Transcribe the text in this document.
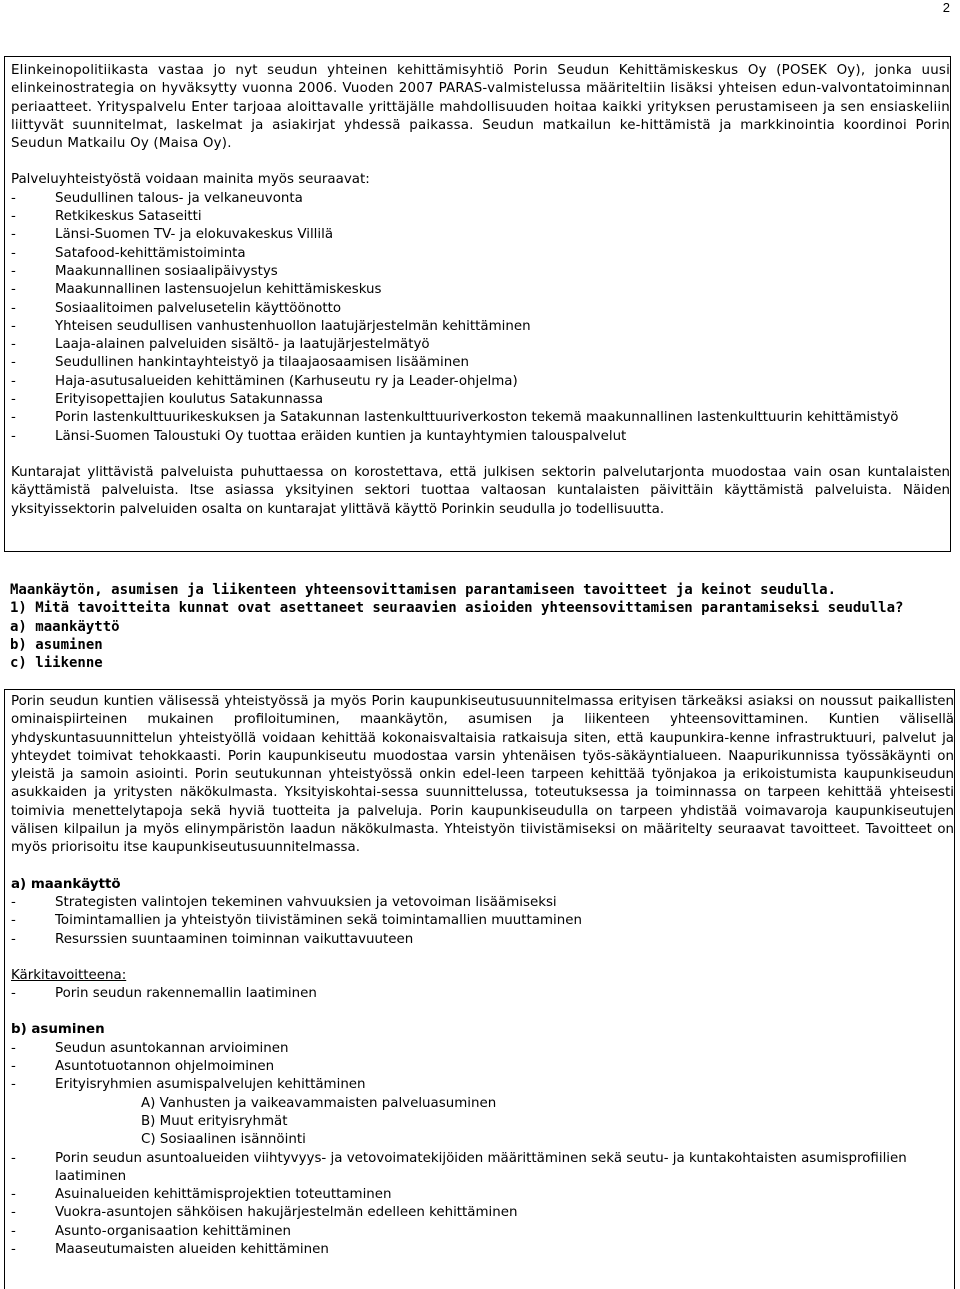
2

Elinkeinopolitiikasta vastaa jo nyt seudun yhteinen kehittämisyhtiö Porin Seudun Kehittämiskeskus Oy (POSEK Oy), jonka uusi elinkeinostrategia on hyväksytty vuonna 2006. Vuoden 2007 PARAS-valmistelussa määriteltiin lisäksi yhteisen edun-valvontatoiminnan periaatteet. Yrityspalvelu Enter tarjoaa aloittavalle yrittäjälle mahdollisuuden hoitaa kaikki yrityksen perustamiseen ja sen ensiaskeliin liittyvät suunnitelmat, laskelmat ja asiakirjat yhdessä paikassa. Seudun matkailun ke-hittämistä ja markkinointia koordinoi Porin Seudun Matkailu Oy (Maisa Oy).

Palveluyhteistyöstä voidaan mainita myös seuraavat:

- Seudullinen talous- ja velkaneuvonta
- Retkikeskus Sataseitti
- Länsi-Suomen TV- ja elokuvakeskus Villilä
- Satafood-kehittämistoiminta
- Maakunnallinen sosiaalipäivystys
- Maakunnallinen lastensuojelun kehittämiskeskus
- Sosiaalitoimen palvelusetelin käyttöönotto
- Yhteisen seudullisen vanhustenhuollon laatujärjestelmän kehittäminen
- Laaja-alainen palveluiden sisältö- ja laatujärjestelmätyö
- Seudullinen hankintayhteistyö ja tilaajaosaamisen lisääminen
- Haja-asutusalueiden kehittäminen (Karhuseutu ry ja Leader-ohjelma)
- Erityisopettajien koulutus Satakunnassa
- Porin lastenkulttuurikeskuksen ja Satakunnan lastenkulttuuriverkoston tekemä maakunnallinen lastenkulttuurin kehittämistyö
- Länsi-Suomen Taloustuki Oy tuottaa eräiden kuntien ja kuntayhtymien talouspalvelut

Kuntarajat ylittävistä palveluista puhuttaessa on korostettava, että julkisen sektorin palvelutarjonta muodostaa vain osan kuntalaisten käyttämistä palveluista. Itse asiassa yksityinen sektori tuottaa valtaosan kuntalaisten päivittäin käyttämistä palveluista. Näiden yksityissektorin palveluiden osalta on kuntarajat ylittävä käyttö Porinkin seudulla jo todellisuutta.

Maankäytön, asumisen ja liikenteen yhteensovittamisen parantamiseen tavoitteet ja keinot seudulla.
1) Mitä tavoitteita kunnat ovat asettaneet seuraavien asioiden yhteensovittamisen parantamiseksi seudulla?
a) maankäyttö
b) asuminen
c) liikenne

Porin seudun kuntien välisessä yhteistyössä ja myös Porin kaupunkiseutusuunnitelmassa erityisen tärkeäksi asiaksi on noussut paikallisten ominaispiirteinen mukainen profiloituminen, maankäytön, asumisen ja liikenteen yhteensovittaminen. Kuntien välisellä yhdyskuntasuunnittelun yhteistyöllä voidaan kehittää kokonaisvaltaisia ratkaisuja siten, että kaupunkira-kenne infrastruktuuri, palvelut ja yhteydet toimivat tehokkaasti. Porin kaupunkiseutu muodostaa varsin yhtenäisen työs-säkäyntialueen. Naapurikunnissa työssäkäynti on yleistä ja samoin asiointi. Porin seutukunnan yhteistyössä onkin edel-leen tarpeen kehittää työnjakoa ja erikoistumista kaupunkiseudun asukkaiden ja yritysten näkökulmasta. Yksityiskohtai-sessa suunnittelussa, toteutuksessa ja toiminnassa on tarpeen kehittää yhteisesti toimivia menettelytapoja sekä hyviä tuotteita ja palveluja. Porin kaupunkiseudulla on tarpeen yhdistää voimavaroja kaupunkiseutujen välisen kilpailun ja myös elinympäristön laadun näkökulmasta. Yhteistyön tiivistämiseksi on määritelty seuraavat tavoitteet. Tavoitteet on myös priorisoitu itse kaupunkiseutusuunnitelmassa.

a) maankäyttö

- Strategisten valintojen tekeminen vahvuuksien ja vetovoiman lisäämiseksi
- Toimintamallien ja yhteistyön tiivistäminen sekä toimintamallien muuttaminen
- Resurssien suuntaaminen toiminnan vaikuttavuuteen

Kärkitavoitteena:

- Porin seudun rakennemallin laatiminen

b) asuminen

- Seudun asuntokannan arvioiminen
- Asuntotuotannon ohjelmoiminen
- Erityisryhmien asumispalvelujen kehittäminen
A) Vanhusten ja vaikeavammaisten palveluasuminen
B) Muut erityisryhmät
C) Sosiaalinen isännöinti
- Porin seudun asuntoalueiden viihtyvyys- ja vetovoimatekijöiden määrittäminen sekä seutu- ja kuntakohtaisten asumisprofiilien laatiminen
- Asuinalueiden kehittämisprojektien toteuttaminen
- Vuokra-asuntojen sähköisen hakujärjestelmän edelleen kehittäminen
- Asunto-organisaation kehittäminen
- Maaseutumaisten alueiden kehittäminen
